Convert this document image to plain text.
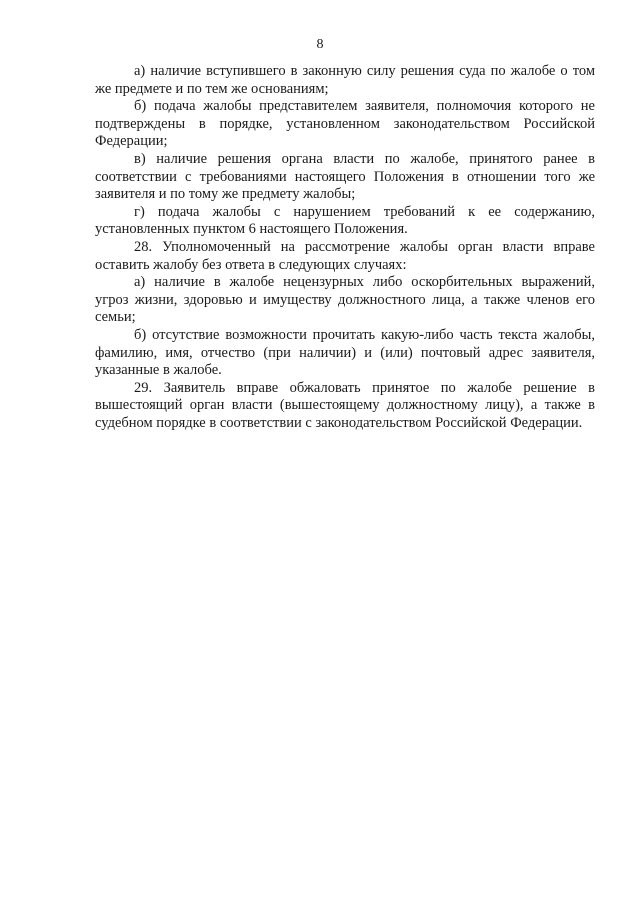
8

а) наличие вступившего в законную силу решения суда по жалобе о том же предмете и по тем же основаниям;

б) подача жалобы представителем заявителя, полномочия которого не подтверждены в порядке, установленном законодательством Российской Федерации;

в) наличие решения органа власти по жалобе, принятого ранее в соответствии с требованиями настоящего Положения в отношении того же заявителя и по тому же предмету жалобы;

г) подача жалобы с нарушением требований к ее содержанию, установленных пунктом 6 настоящего Положения.

28. Уполномоченный на рассмотрение жалобы орган власти вправе оставить жалобу без ответа в следующих случаях:

а) наличие в жалобе нецензурных либо оскорбительных выражений, угроз жизни, здоровью и имуществу должностного лица, а также членов его семьи;

б) отсутствие возможности прочитать какую-либо часть текста жалобы, фамилию, имя, отчество (при наличии) и (или) почтовый адрес заявителя, указанные в жалобе.

29. Заявитель вправе обжаловать принятое по жалобе решение в вышестоящий орган власти (вышестоящему должностному лицу), а также в судебном порядке в соответствии с законодательством Российской Федерации.
